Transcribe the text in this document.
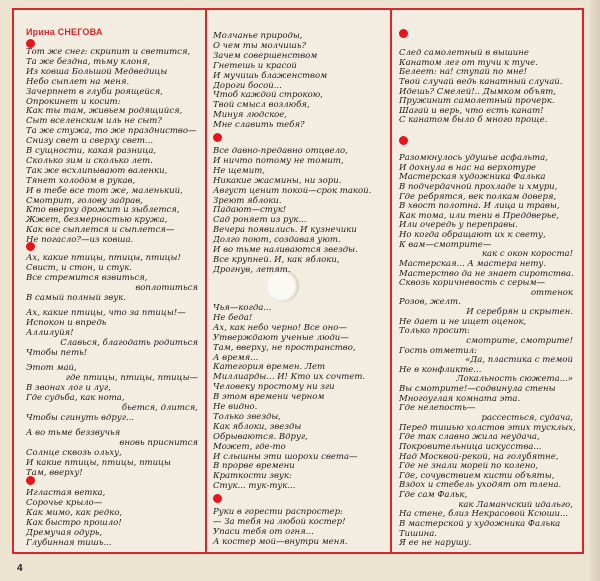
Ирина СНЕГОВА
Тот же снег: скрипит и светится,
Та же бездна, тьму клоня,
Из ковша Большой Медведицы
Небо сыплет на меня.
Зачерпнет в глуби роящейся,
Опрокинет и косит:
Как ты там, живьем родящийся,
Сыт вселенским иль не сыт?
Та же стужа, то же праздниство—
Снизу свет и сверху свет...
В сущности, какая разница,
Сколько зим и сколько лет.
Так же всхлипывают валенки,
Тянет холодом в рукав,
И в тебе все тот же, маленький,
Смотрит, голову задрав,
Кто вверху дрожит и зыблется,
Жжет, безмерностью кружа,
Как все сыплется и сыплется—
Не погасло?—из ковша.
Ах, какие птицы, птицы, птицы!
Свист, и стон, и стук.
Все стремится взвиться,
воплотиться
В самый полный звук.
Ах, какие птицы, что за птицы!—
Испокон и впредь
Аллилуйя!
Славься, благодать родиться
Чтобы петь!
Этот май,
где птицы, птицы, птицы—
В звонах лог и луг,
Где судьба, как нота,
бьется, длится,
Чтобы сгинуть вдруг...
А во тьме беззвучья
вновь приснится
Солнце сквозь ольху,
И какие птицы, птицы, птицы
Там, вверху!
Игластая ветка,
Сорочье крыло—
Как мимо, как редко,
Как быстро прошло!
Дремучая одурь,
Глубинная тишь...
Молчанье природы,
О чем ты молчишь?
Зачем совершенством
Гнетешь и красой
И мучишь блаженством
Дороги босой...
Чтоб каждой строкою,
Твой смысл возлюбя,
Минуя людское,
Мне славить тебя?
Все давно-предавно отцвело,
И ничто потому не томит,
Не щемит,
Никакие жасмины, ни зори.
Август ценит покой—срок такой.
Зреют яблоки.
Падают—стук!
Сад роняет из рук...
Вечера появились. И кузнечики
Долго поют, создавая уют.
И во тьме наливаются звезды.
Все крупней. И, как яблоки,
Дрогнув, летят.
Чья—когда...
Не беда!
Ах, как небо черно! Все оно—
Утверждают ученые люди—
Там, вверху, не пространство,
А время...
Категория времен. Лет
Миллиарды... И! Кто их сочтет.
Человеку простому ни зги
В этом времени черном
Не видно.
Только звезды,
Как яблоки, звезды
Обрываются. Вдруг,
Может, где-то
И слышны эти шорохи света—
В прорве времени
Краткости звук:
Стук... тук-тук...
Руки в горести распростер:
— За тебя на любой костер!
Упаси тебя от огня...
А костер мой—внутри меня.
След самолетный в вышине
Канатом лег от тучи к туче.
Белеет: на! ступай по мне!
Твой случай ведь канатный случай.
Идешь? Смелей!.. Дымком объят,
Пружинит самолетный прочерк.
Шагай и верь, что есть канат!
С канатом было б много проще.
Разомкнулось удушье асфальта,
И дохнула в нас на верхотуре
Мастерская художника Фалька
В подчердачной прохладе и хмури,
Где ребрятся, век полкам доверя,
В хвост полотна. И лица и травы,
Как тома, или тени в Преддверье,
Или очередь у переправы.
Но когда обращают их к свету,
К вам—смотрите—
как с окон короста!
Мастерская... А мастера нету.
Мастерство да не знает сиротства.
Сквозь коричневость с серым—
оттенок
Розов, желт.
И серебрян и скрытен.
Не дает и не ищет оценок,
Только просит:
смотрите, смотрите!
Гость отметил:
«Да, пластика с темой
Не в конфликте...
Локальность сюжета...»
Вы смотрите!—содвинула стены
Многоуглая комната эта.
Где нелепость—
рассесться, судача,
Перед тишью холстов этих тусклых,
Где так славно жила неудача,
Покровительница искусства...
Над Москвой-рекой, на голубятне,
Где не знали морей по колено,
Где, сочувствием кисти объяты,
Вздох и стебель уходят от тлена.
Где сам Фальк,
как Ламанчский идальго,
На стене, близ Некрасовой Ксюши...
В мастерской у художника Фалька
Тишина.
Я ее не нарушу.
4
